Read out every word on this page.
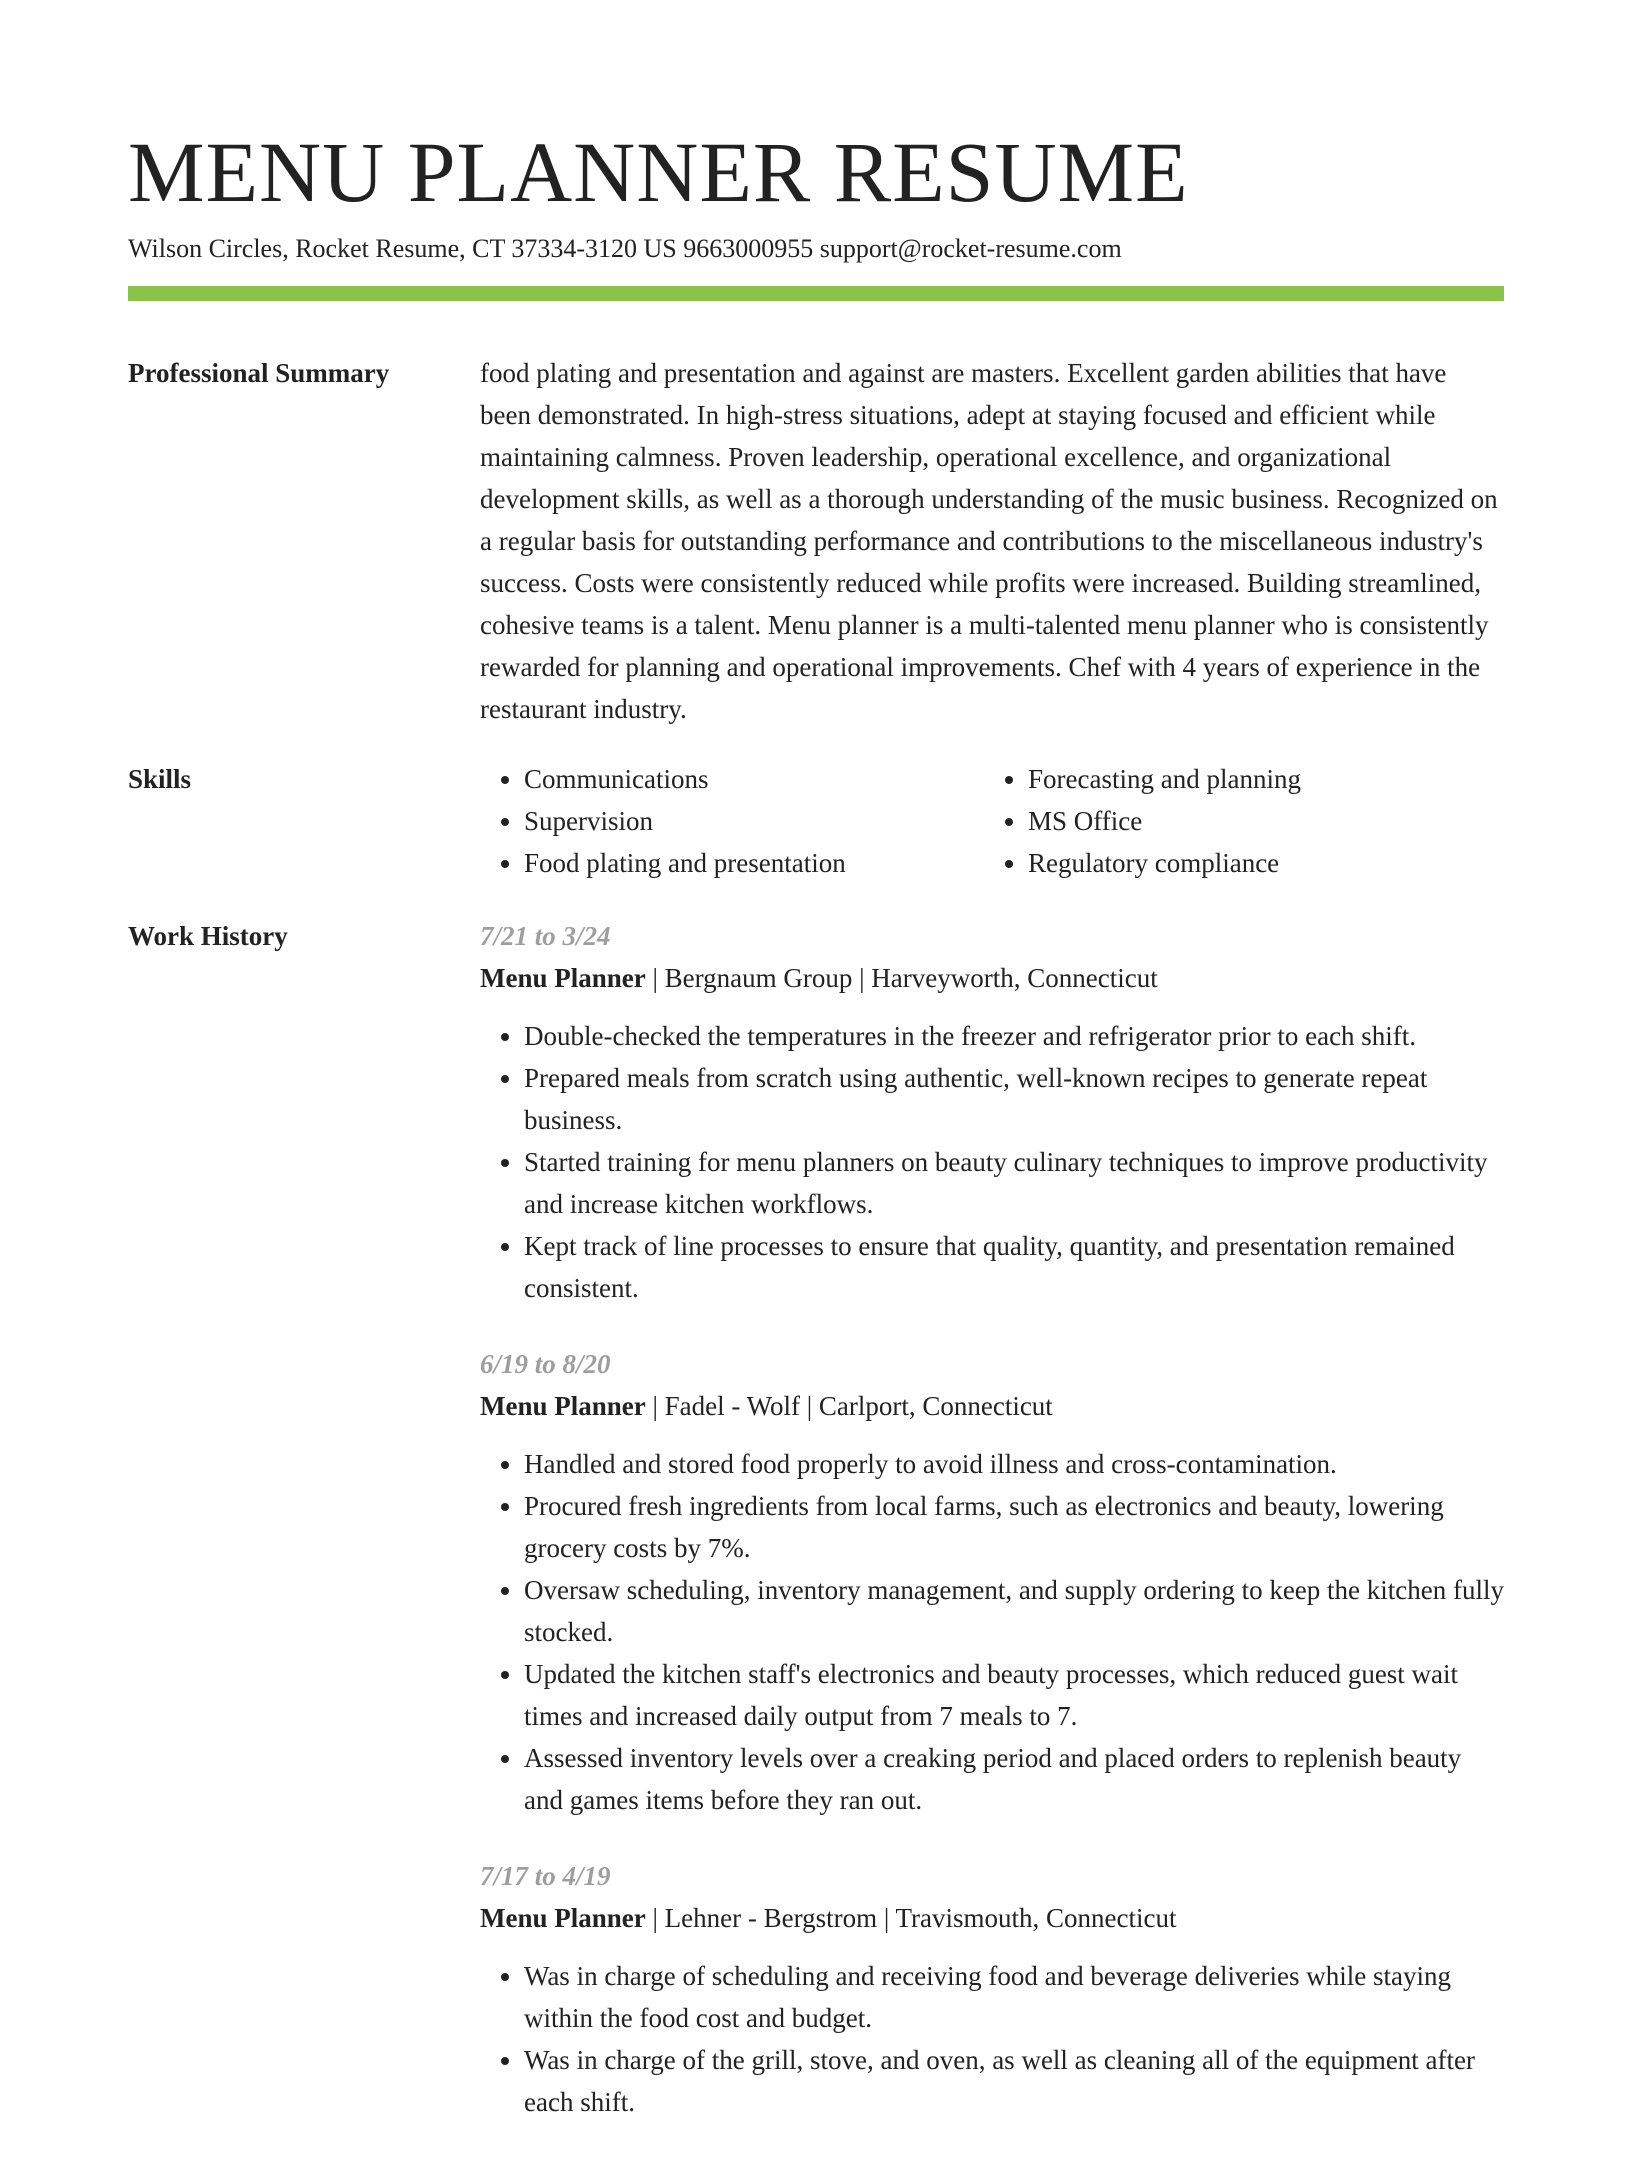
MENU PLANNER RESUME
Wilson Circles, Rocket Resume, CT 37334-3120 US 9663000955 support@rocket-resume.com
Professional Summary	food plating and presentation and against are masters. Excellent garden abilities that have been demonstrated. In high-stress situations, adept at staying focused and efficient while maintaining calmness. Proven leadership, operational excellence, and organizational development skills, as well as a thorough understanding of the music business. Recognized on a regular basis for outstanding performance and contributions to the miscellaneous industry's success. Costs were consistently reduced while profits were increased. Building streamlined, cohesive teams is a talent. Menu planner is a multi-talented menu planner who is consistently rewarded for planning and operational improvements. Chef with 4 years of experience in the restaurant industry.

Skills
•	Communications
• Supervision
• Food plating and presentation
• Forecasting and planning
• MS Office
• Regulatory compliance
Work History	7/21 to 3/24
Menu Planner | Bergnaum Group | Harveyworth, Connecticut
• Double-checked the temperatures in the freezer and refrigerator prior to each shift.
• Prepared meals from scratch using authentic, well-known recipes to generate repeat business.
• Started training for menu planners on beauty culinary techniques to improve productivity and increase kitchen workflows.
• Kept track of line processes to ensure that quality, quantity, and presentation remained consistent.
6/19 to 8/20
Menu Planner | Fadel - Wolf | Carlport, Connecticut
• Handled and stored food properly to avoid illness and cross-contamination.
• Procured fresh ingredients from local farms, such as electronics and beauty, lowering grocery costs by 7%.
• Oversaw scheduling, inventory management, and supply ordering to keep the kitchen fully stocked.
• Updated the kitchen staff's electronics and beauty processes, which reduced guest wait times and increased daily output from 7 meals to 7.
• Assessed inventory levels over a creaking period and placed orders to replenish beauty and games items before they ran out.
7/17 to 4/19
Menu Planner | Lehner - Bergstrom | Travismouth, Connecticut
• Was in charge of scheduling and receiving food and beverage deliveries while staying within the food cost and budget.
• Was in charge of the grill, stove, and oven, as well as cleaning all of the equipment after each shift.
